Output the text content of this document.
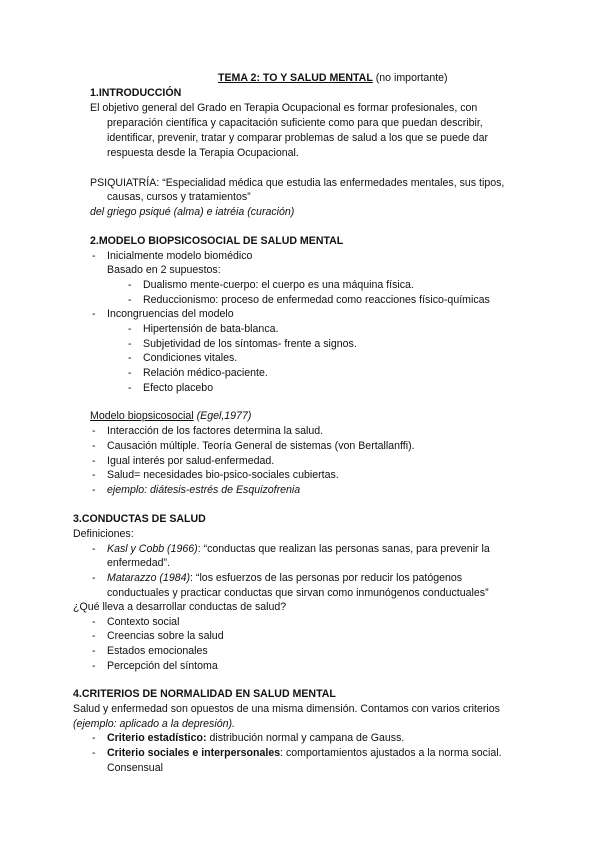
TEMA 2: TO Y SALUD MENTAL (no importante)
1.INTRODUCCIÓN
El objetivo general del Grado en Terapia Ocupacional es formar profesionales, con
preparación científica y capacitación suficiente como para que puedan describir,
identificar, prevenir, tratar y comparar problemas de salud a los que se puede dar
respuesta desde la Terapia Ocupacional.
PSIQUIATRÍA: “Especialidad médica que estudia las enfermedades mentales, sus tipos,
causas, cursos y tratamientos”
del griego psiqué (alma) e iatréia (curación)
2.MODELO BIOPSICOSOCIAL DE SALUD MENTAL
- Inicialmente modelo biomédico
Basado en 2 supuestos:
- Dualismo mente-cuerpo: el cuerpo es una máquina física.
- Reduccionismo: proceso de enfermedad como reacciones físico-químicas
- Incongruencias del modelo
- Hipertensión de bata-blanca.
- Subjetividad de los síntomas- frente a signos.
- Condiciones vitales.
- Relación médico-paciente.
- Efecto placebo
Modelo biopsicosocial (Egel,1977)
- Interacción de los factores determina la salud.
- Causación múltiple. Teoría General de sistemas (von Bertallanffi).
- Igual interés por salud-enfermedad.
- Salud= necesidades bio-psico-sociales cubiertas.
- ejemplo: diátesis-estrés de Esquizofrenia
3.CONDUCTAS DE SALUD
Definiciones:
- Kasl y Cobb (1966): “conductas que realizan las personas sanas, para prevenir la
enfermedad”.
- Matarazzo (1984): “los esfuerzos de las personas por reducir los patógenos
conductuales y practicar conductas que sirvan como inmunógenos conductuales”
¿Qué lleva a desarrollar conductas de salud?
- Contexto social
- Creencias sobre la salud
- Estados emocionales
- Percepción del síntoma
4.CRITERIOS DE NORMALIDAD EN SALUD MENTAL
Salud y enfermedad son opuestos de una misma dimensión. Contamos con varios criterios
(ejemplo: aplicado a la depresión).
- Criterio estadístico: distribución normal y campana de Gauss.
- Criterio sociales e interpersonales: comportamientos ajustados a la norma social.
Consensual
